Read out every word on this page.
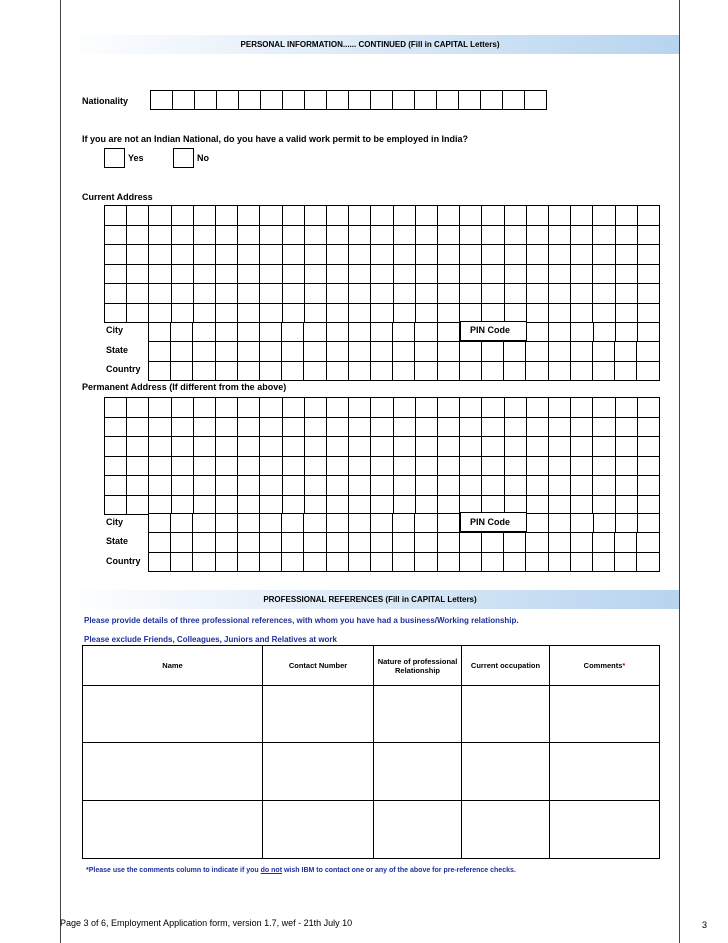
PERSONAL INFORMATION...... CONTINUED (Fill in CAPITAL Letters)
Nationality
If you are not an Indian National, do you have a valid work permit to be employed in India?
Yes	No
Current Address
City	PIN Code
State
Country
Permanent Address (If different from the above)
City	PIN Code
State
Country
PROFESSIONAL REFERENCES (Fill in CAPITAL Letters)
Please provide details of three professional references, with whom you have had a business/Working relationship.
Please exclude Friends, Colleagues, Juniors and Relatives at work
Name	Contact Number	Nature of professional Relationship	Current occupation	Comments*

*Please use the comments column to indicate if you do not wish IBM to contact one or any of the above for pre-reference checks.
Page 3 of 6, Employment Application form, version 1.7, wef - 21th July 10	3
